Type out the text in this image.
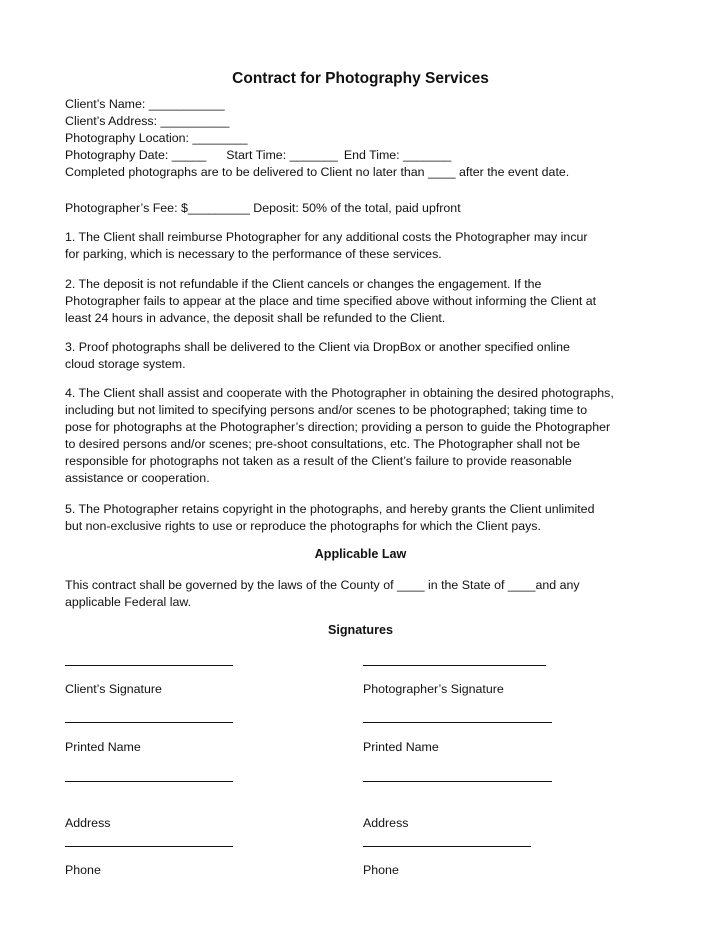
Contract for Photography Services
Client’s Name: ___________
Client’s Address: __________
Photography Location: ________
Photography Date: _____ Start Time: _______ End Time: _______
Completed photographs are to be delivered to Client no later than ____ after the event date.
Photographer’s Fee: $_________ Deposit: 50% of the total, paid upfront
1. The Client shall reimburse Photographer for any additional costs the Photographer may incur
for parking, which is necessary to the performance of these services.
2. The deposit is not refundable if the Client cancels or changes the engagement. If the
Photographer fails to appear at the place and time specified above without informing the Client at
least 24 hours in advance, the deposit shall be refunded to the Client.
3. Proof photographs shall be delivered to the Client via DropBox or another specified online
cloud storage system.
4. The Client shall assist and cooperate with the Photographer in obtaining the desired photographs,
including but not limited to specifying persons and/or scenes to be photographed; taking time to
pose for photographs at the Photographer’s direction; providing a person to guide the Photographer
to desired persons and/or scenes; pre-shoot consultations, etc. The Photographer shall not be
responsible for photographs not taken as a result of the Client’s failure to provide reasonable
assistance or cooperation.
5. The Photographer retains copyright in the photographs, and hereby grants the Client unlimited
but non-exclusive rights to use or reproduce the photographs for which the Client pays.
Applicable Law
This contract shall be governed by the laws of the County of ____ in the State of ____and any
applicable Federal law.
Signatures
Client’s Signature
Printed Name
Address
Phone
Photographer’s Signature
Printed Name
Address
Phone
